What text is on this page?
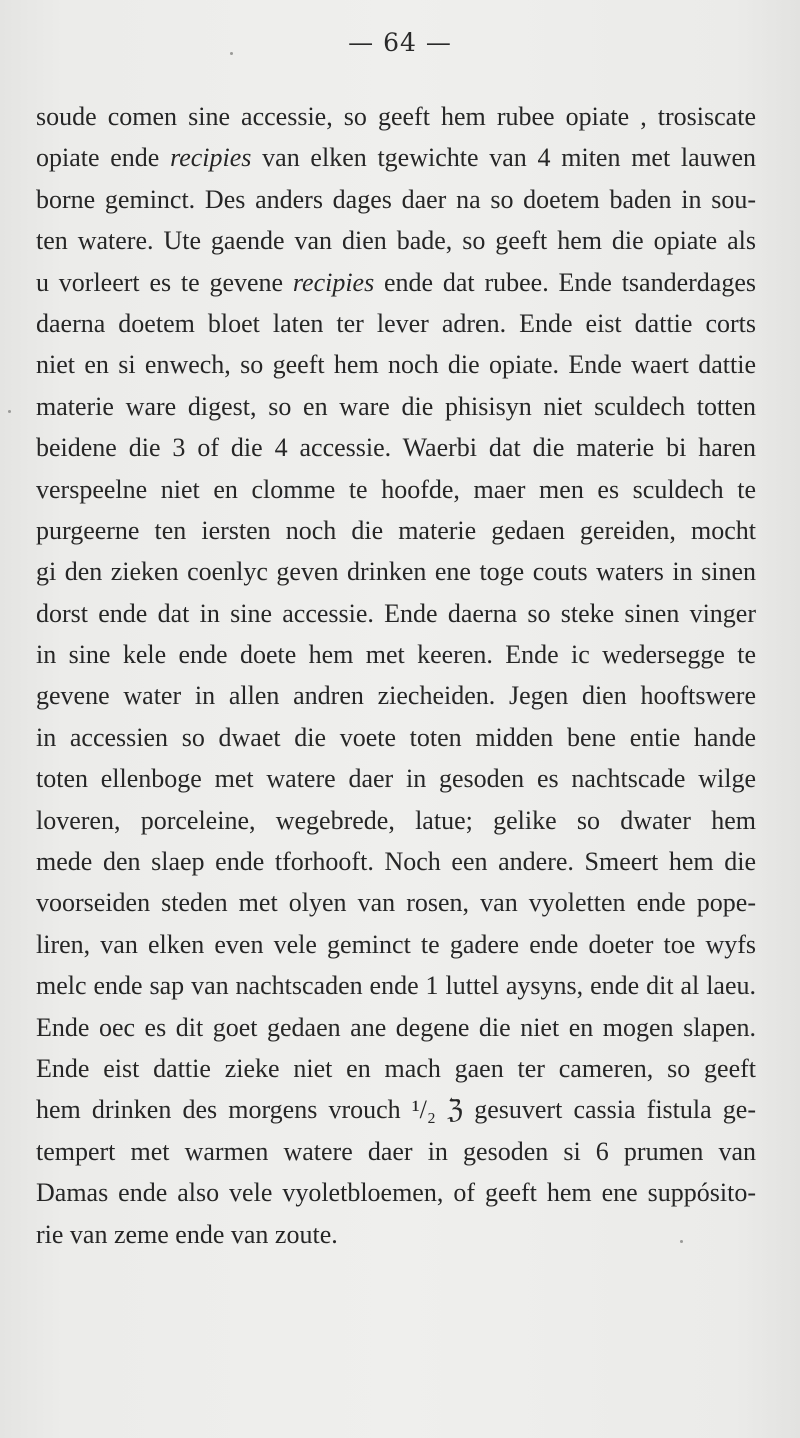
— 64 —
soude comen sine accessie, so geeft hem rubee opiate , trosiscate
opiate ende recipies van elken tgewichte van 4 miten met lauwen
borne geminct. Des anders dages daer na so doetem baden in sou-
ten watere. Ute gaende van dien bade, so geeft hem die opiate als
u vorleert es te gevene recipies ende dat rubee. Ende tsanderdages
daerna doetem bloet laten ter lever adren. Ende eist dattie corts
niet en si enwech, so geeft hem noch die opiate. Ende waert dattie
materie ware digest, so en ware die phisisyn niet sculdech totten
beidene die 3 of die 4 accessie. Waerbi dat die materie bi haren
verspeelne niet en clomme te hoofde, maer men es sculdech te
purgeerne ten iersten noch die materie gedaen gereiden, mocht
gi den zieken coenlyc geven drinken ene toge couts waters in sinen
dorst ende dat in sine accessie. Ende daerna so steke sinen vinger
in sine kele ende doete hem met keeren. Ende ic wedersegge te
gevene water in allen andren ziecheiden. Jegen dien hooftswere
in accessien so dwaet die voete toten midden bene entie hande
toten ellenboge met watere daer in gesoden es nachtscade wilge
loveren, porceleine, wegebrede, latue; gelike so dwater hem
mede den slaep ende tforhooft. Noch een andere. Smeert hem die
voorseiden steden met olyen van rosen, van vyoletten ende pope-
liren, van elken even vele geminct te gadere ende doeter toe wyfs
melc ende sap van nachtscaden ende 1 luttel aysyns, ende dit al laeu.
Ende oec es dit goet gedaen ane degene die niet en mogen slapen.
Ende eist dattie zieke niet en mach gaen ter cameren, so geeft
hem drinken des morgens vrouch ¹/₂ ℨ gesuvert cassia fistula ge-
tempert met warmen watere daer in gesoden si 6 prumen van
Damas ende also vele vyoletbloemen, of geeft hem ene suppósito-
rie van zeme ende van zoute.
